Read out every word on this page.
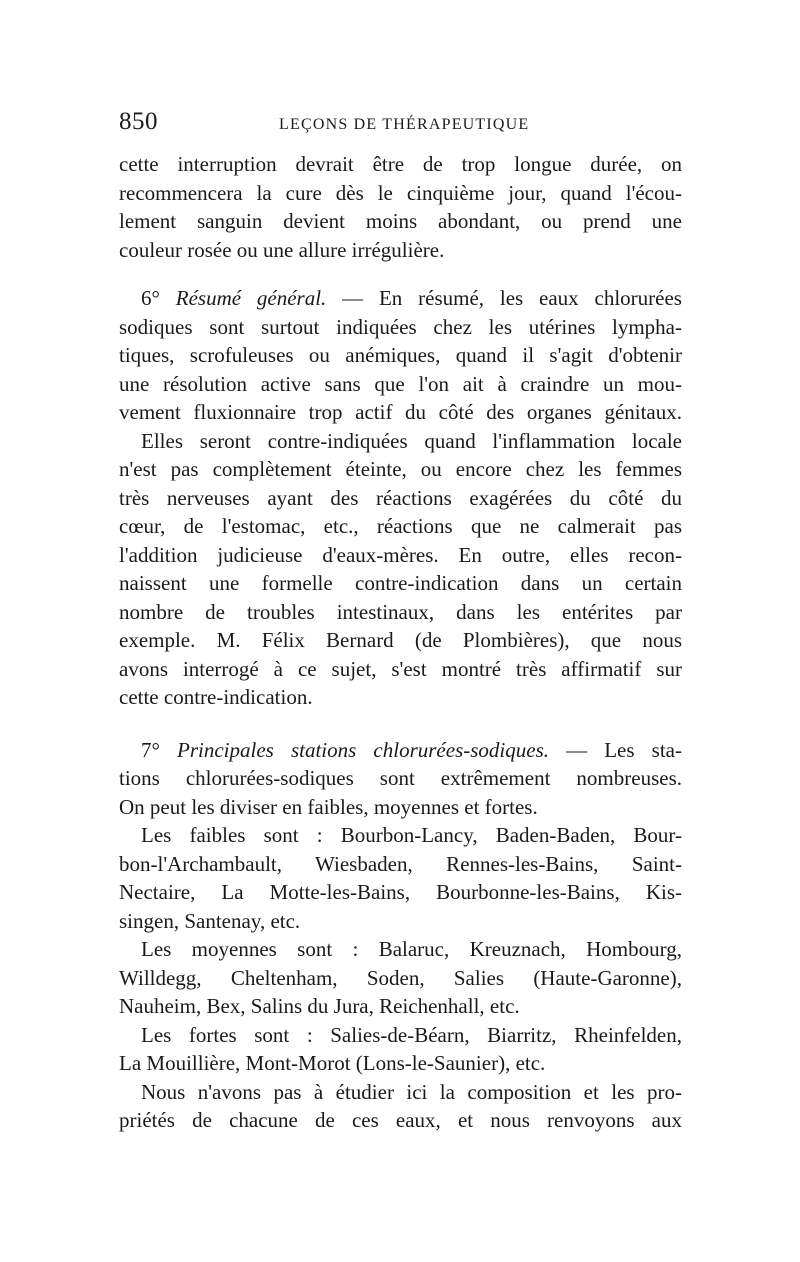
850	LEÇONS DE THÉRAPEUTIQUE
cette interruption devrait être de trop longue durée, on
recommencera la cure dès le cinquième jour, quand l'écou-
lement sanguin devient moins abondant, ou prend une
couleur rosée ou une allure irrégulière.
6° Résumé général. — En résumé, les eaux chlorurées
sodiques sont surtout indiquées chez les utérines lympha-
tiques, scrofuleuses ou anémiques, quand il s'agit d'obtenir
une résolution active sans que l'on ait à craindre un mou-
vement fluxionnaire trop actif du côté des organes génitaux.
Elles seront contre-indiquées quand l'inflammation locale
n'est pas complètement éteinte, ou encore chez les femmes
très nerveuses ayant des réactions exagérées du côté du
cœur, de l'estomac, etc., réactions que ne calmerait pas
l'addition judicieuse d'eaux-mères. En outre, elles recon-
naissent une formelle contre-indication dans un certain
nombre de troubles intestinaux, dans les entérites par
exemple. M. Félix Bernard (de Plombières), que nous
avons interrogé à ce sujet, s'est montré très affirmatif sur
cette contre-indication.
7° Principales stations chlorurées-sodiques. — Les sta-
tions chlorurées-sodiques sont extrêmement nombreuses.
On peut les diviser en faibles, moyennes et fortes.
Les faibles sont : Bourbon-Lancy, Baden-Baden, Bour-
bon-l'Archambault, Wiesbaden, Rennes-les-Bains, Saint-
Nectaire, La Motte-les-Bains, Bourbonne-les-Bains, Kis-
singen, Santenay, etc.
Les moyennes sont : Balaruc, Kreuznach, Hombourg,
Willdegg, Cheltenham, Soden, Salies (Haute-Garonne),
Nauheim, Bex, Salins du Jura, Reichenhall, etc.
Les fortes sont : Salies-de-Béarn, Biarritz, Rheinfelden,
La Mouillière, Mont-Morot (Lons-le-Saunier), etc.
Nous n'avons pas à étudier ici la composition et les pro-
priétés de chacune de ces eaux, et nous renvoyons aux
